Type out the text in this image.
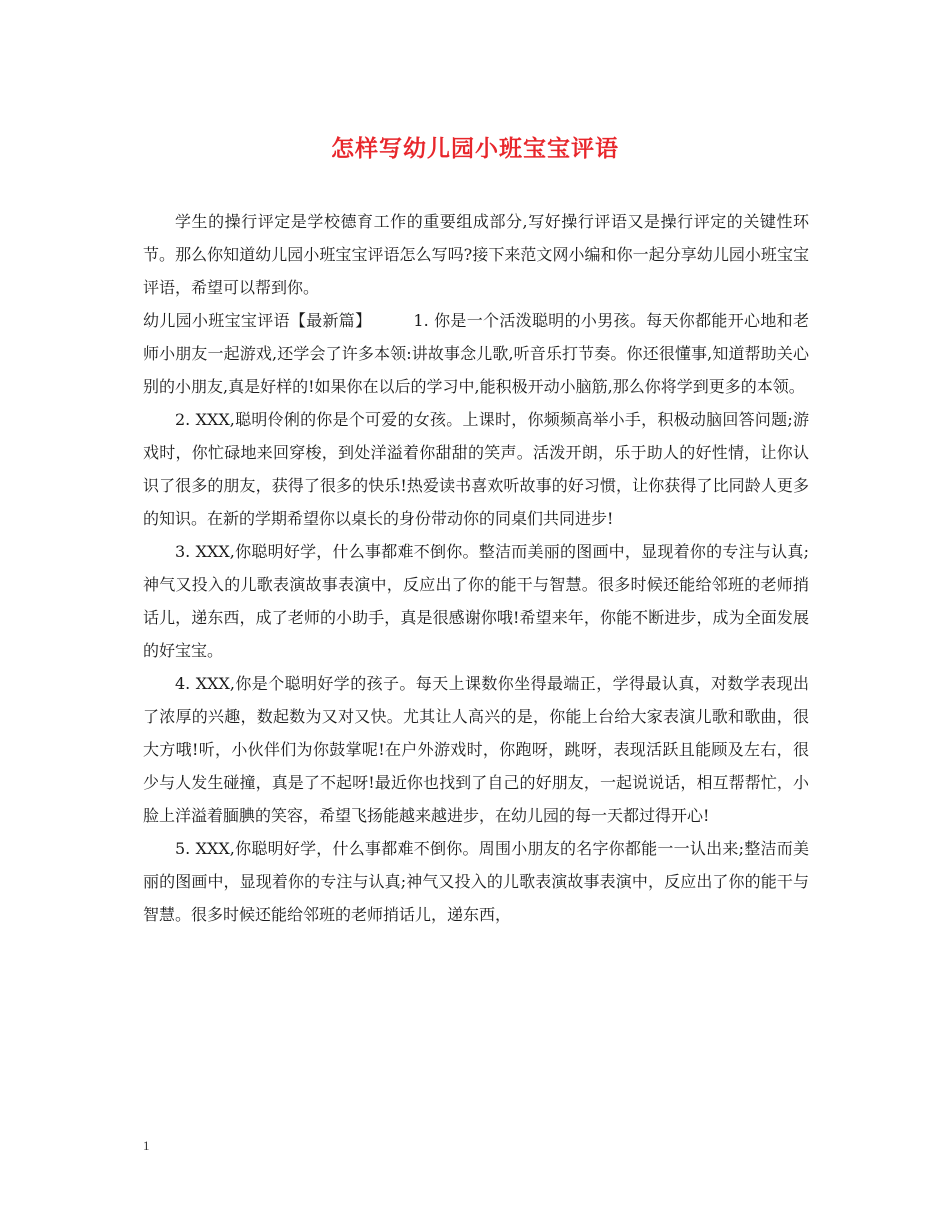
怎样写幼儿园小班宝宝评语

学生的操行评定是学校德育工作的重要组成部分,写好操行评语又是操行评定的关键性环节。那么你知道幼儿园小班宝宝评语怎么写吗?接下来范文网小编和你一起分享幼儿园小班宝宝评语，希望可以帮到你。

幼儿园小班宝宝评语【最新篇】	1. 你是一个活泼聪明的小男孩。每天你都能开心地和老师小朋友一起游戏,还学会了许多本领:讲故事念儿歌,听音乐打节奏。你还很懂事,知道帮助关心别的小朋友,真是好样的!如果你在以后的学习中,能积极开动小脑筋,那么你将学到更多的本领。

2. XXX,聪明伶俐的你是个可爱的女孩。上课时，你频频高举小手，积极动脑回答问题;游戏时，你忙碌地来回穿梭，到处洋溢着你甜甜的笑声。活泼开朗，乐于助人的好性情，让你认识了很多的朋友，获得了很多的快乐!热爱读书喜欢听故事的好习惯，让你获得了比同龄人更多的知识。在新的学期希望你以桌长的身份带动你的同桌们共同进步!

3. XXX,你聪明好学，什么事都难不倒你。整洁而美丽的图画中，显现着你的专注与认真;神气又投入的儿歌表演故事表演中，反应出了你的能干与智慧。很多时候还能给邻班的老师捎话儿，递东西，成了老师的小助手，真是很感谢你哦!希望来年，你能不断进步，成为全面发展的好宝宝。

4. XXX,你是个聪明好学的孩子。每天上课数你坐得最端正，学得最认真，对数学表现出了浓厚的兴趣，数起数为又对又快。尤其让人高兴的是，你能上台给大家表演儿歌和歌曲，很大方哦!听，小伙伴们为你鼓掌呢!在户外游戏时，你跑呀，跳呀，表现活跃且能顾及左右，很少与人发生碰撞，真是了不起呀!最近你也找到了自己的好朋友，一起说说话，相互帮帮忙，小脸上洋溢着腼腆的笑容，希望飞扬能越来越进步，在幼儿园的每一天都过得开心!

5. XXX,你聪明好学，什么事都难不倒你。周围小朋友的名字你都能一一认出来;整洁而美丽的图画中，显现着你的专注与认真;神气又投入的儿歌表演故事表演中，反应出了你的能干与智慧。很多时候还能给邻班的老师捎话儿，递东西，

1
